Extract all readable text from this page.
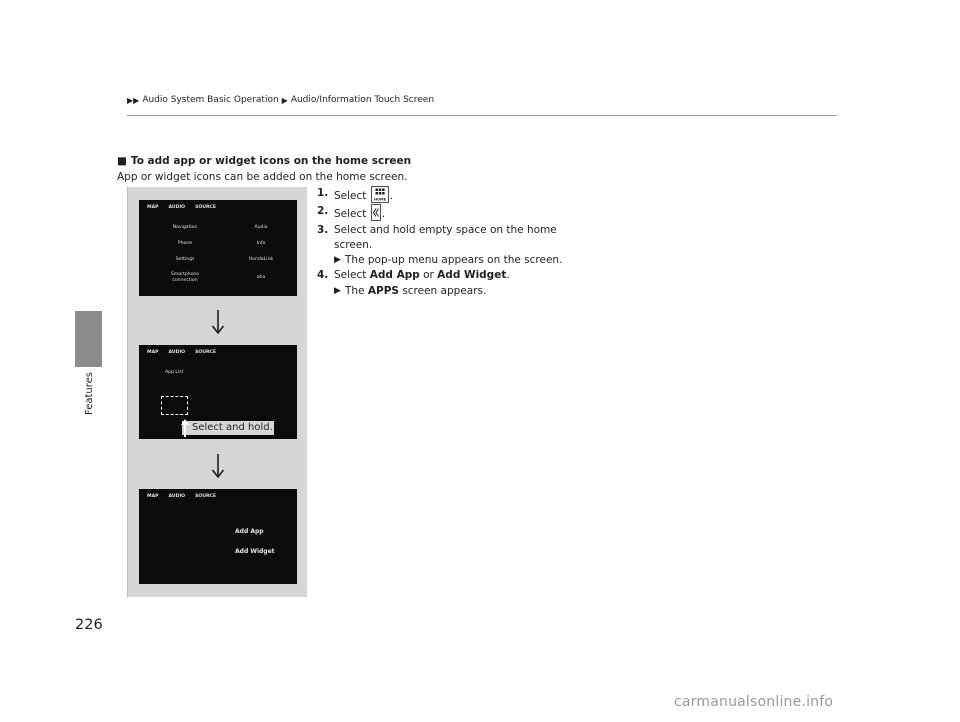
▶▶ Audio System Basic Operation ▶ Audio/Information Touch Screen
Features
■ To add app or widget icons on the home screen
App or widget icons can be added on the home screen.
MAP AUDIO SOURCE
Navigation	Audio
Phone	Info
Settings	HondaLink
Smartphone
connection	aha
MAP AUDIO SOURCE
App List
Select and hold.
MAP AUDIO SOURCE
Add App
Add Widget
1. Select HOME .
2. Select .
3. Select and hold empty space on the home
screen.
▶ The pop-up menu appears on the screen.
4. Select Add App or Add Widget.
▶ The APPS screen appears.
226
carmanualsonline.info
